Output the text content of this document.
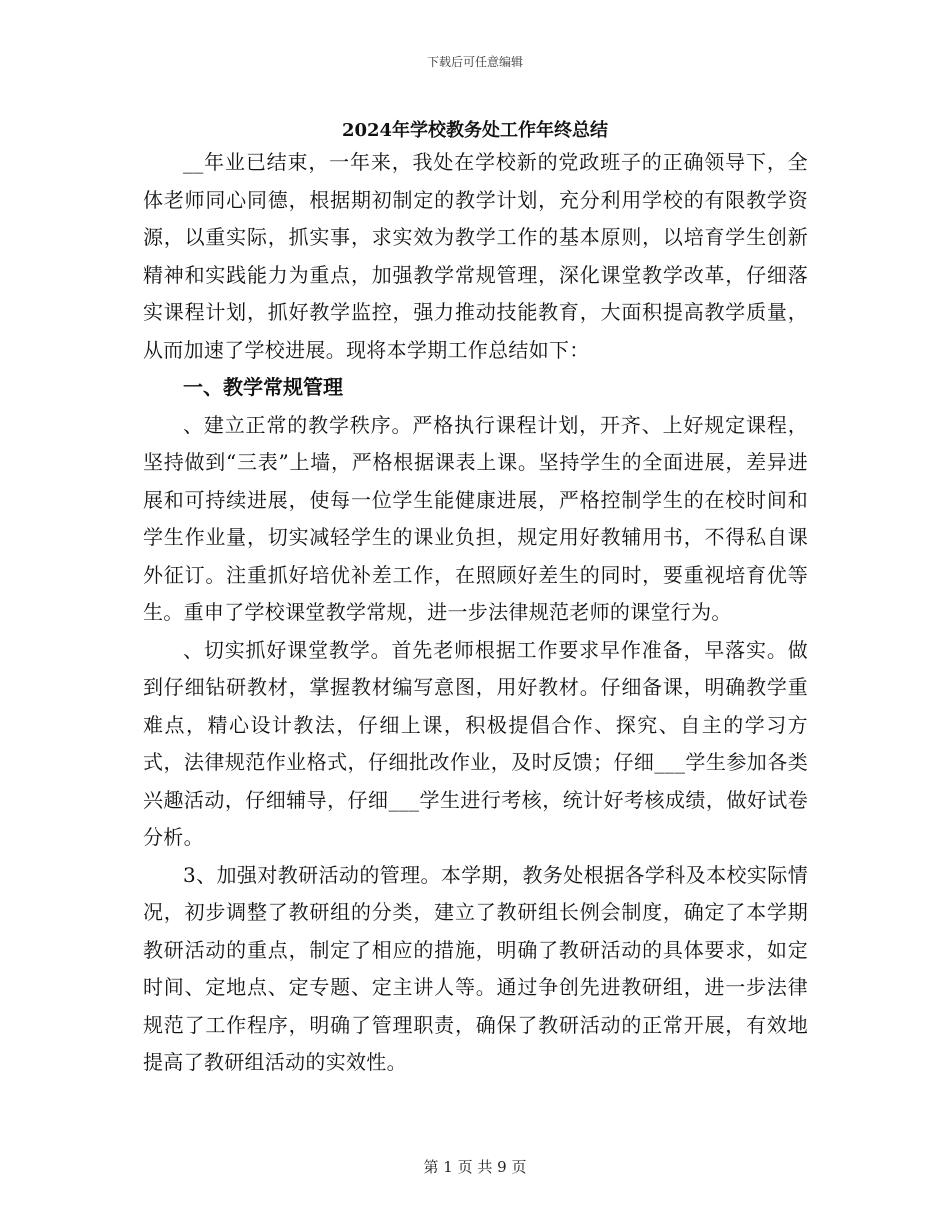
下载后可任意编辑
2024年学校教务处工作年终总结

__年业已结束，一年来，我处在学校新的党政班子的正确领导下，全体老师同心同德，根据期初制定的教学计划，充分利用学校的有限教学资源，以重实际，抓实事，求实效为教学工作的基本原则，以培育学生创新精神和实践能力为重点，加强教学常规管理，深化课堂教学改革，仔细落实课程计划，抓好教学监控，强力推动技能教育，大面积提高教学质量，从而加速了学校进展。现将本学期工作总结如下：

一、教学常规管理

、建立正常的教学秩序。严格执行课程计划，开齐、上好规定课程，坚持做到“三表”上墙，严格根据课表上课。坚持学生的全面进展，差异进展和可持续进展，使每一位学生能健康进展，严格控制学生的在校时间和学生作业量，切实减轻学生的课业负担，规定用好教辅用书，不得私自课外征订。注重抓好培优补差工作，在照顾好差生的同时，要重视培育优等生。重申了学校课堂教学常规，进一步法律规范老师的课堂行为。

、切实抓好课堂教学。首先老师根据工作要求早作准备，早落实。做到仔细钻研教材，掌握教材编写意图，用好教材。仔细备课，明确教学重难点，精心设计教法，仔细上课，积极提倡合作、探究、自主的学习方式，法律规范作业格式，仔细批改作业，及时反馈；仔细___学生参加各类兴趣活动，仔细辅导，仔细___学生进行考核，统计好考核成绩，做好试卷分析。

3、加强对教研活动的管理。本学期，教务处根据各学科及本校实际情况，初步调整了教研组的分类，建立了教研组长例会制度，确定了本学期教研活动的重点，制定了相应的措施，明确了教研活动的具体要求，如定时间、定地点、定专题、定主讲人等。通过争创先进教研组，进一步法律规范了工作程序，明确了管理职责，确保了教研活动的正常开展，有效地提高了教研组活动的实效性。

第 1 页 共 9 页
